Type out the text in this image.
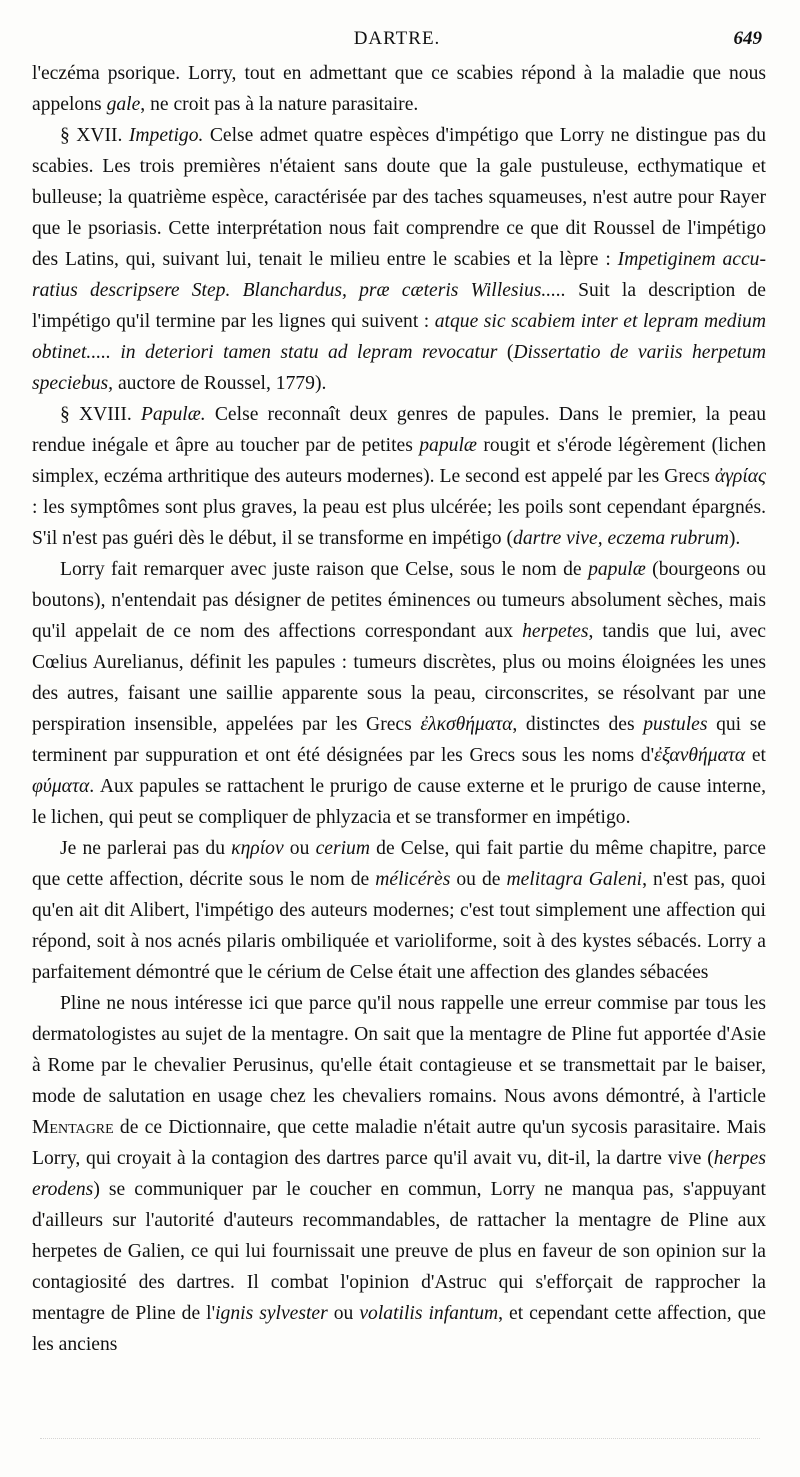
DARTRE.	649

l'eczéma psorique. Lorry, tout en admettant que ce scabies répond à la maladie que nous appelons gale, ne croit pas à la nature parasitaire.

§ XVII. Impetigo. Celse admet quatre espèces d'impétigo que Lorry ne distingue pas du scabies. Les trois premières n'étaient sans doute que la gale pustuleuse, ecthymatique et bulleuse; la quatrième espèce, caractérisée par des taches squameuses, n'est autre pour Rayer que le psoriasis. Cette interprétation nous fait comprendre ce que dit Roussel de l'impétigo des Latins, qui, suivant lui, tenait le milieu entre le scabies et la lèpre : Impetiginem accuratius descripsere Step. Blanchardus, præ cæteris Willesius..... Suit la description de l'impétigo qu'il termine par les lignes qui suivent : atque sic scabiem inter et lepram medium obtinet..... in deteriori tamen statu ad lepram revocatur (Dissertatio de variis herpetum speciebus, auctore de Roussel, 1779).

§ XVIII. Papulæ. Celse reconnaît deux genres de papules. Dans le premier, la peau rendue inégale et âpre au toucher par de petites papulæ rougit et s'érode légèrement (lichen simplex, eczéma arthritique des auteurs modernes). Le second est appelé par les Grecs ἀγρίας : les symptômes sont plus graves, la peau est plus ulcérée; les poils sont cependant épargnés. S'il n'est pas guéri dès le début, il se transforme en impétigo (dartre vive, eczema rubrum).

Lorry fait remarquer avec juste raison que Celse, sous le nom de papulæ (bourgeons ou boutons), n'entendait pas désigner de petites éminences ou tumeurs absolument sèches, mais qu'il appelait de ce nom des affections correspondant aux herpetes, tandis que lui, avec Cœlius Aurelianus, définit les papules : tumeurs discrètes, plus ou moins éloignées les unes des autres, faisant une saillie apparente sous la peau, circonscrites, se résolvant par une perspiration insensible, appelées par les Grecs ἐλκσθήματα, distinctes des pustules qui se terminent par suppuration et ont été désignées par les Grecs sous les noms d'ἐξανθήματα et φύματα. Aux papules se rattachent le prurigo de cause externe et le prurigo de cause interne, le lichen, qui peut se compliquer de phlyzacia et se transformer en impétigo.

Je ne parlerai pas du κηρίον ou cerium de Celse, qui fait partie du même chapitre, parce que cette affection, décrite sous le nom de mélicérès ou de melitagra Galeni, n'est pas, quoi qu'en ait dit Alibert, l'impétigo des auteurs modernes; c'est tout simplement une affection qui répond, soit à nos acnés pilaris ombiliquée et varioliforme, soit à des kystes sébacés. Lorry a parfaitement démontré que le cérium de Celse était une affection des glandes sébacées

Pline ne nous intéresse ici que parce qu'il nous rappelle une erreur commise par tous les dermatologistes au sujet de la mentagre. On sait que la mentagre de Pline fut apportée d'Asie à Rome par le chevalier Perusinus, qu'elle était contagieuse et se transmettait par le baiser, mode de salutation en usage chez les chevaliers romains. Nous avons démontré, à l'article Mentagre de ce Dictionnaire, que cette maladie n'était autre qu'un sycosis parasitaire. Mais Lorry, qui croyait à la contagion des dartres parce qu'il avait vu, dit-il, la dartre vive (herpes erodens) se communiquer par le coucher en commun, Lorry ne manqua pas, s'appuyant d'ailleurs sur l'autorité d'auteurs recommandables, de rattacher la mentagre de Pline aux herpetes de Galien, ce qui lui fournissait une preuve de plus en faveur de son opinion sur la contagiosité des dartres. Il combat l'opinion d'Astruc qui s'efforçait de rapprocher la mentagre de Pline de l'ignis sylvester ou volatilis infantum, et cependant cette affection, que les anciens
